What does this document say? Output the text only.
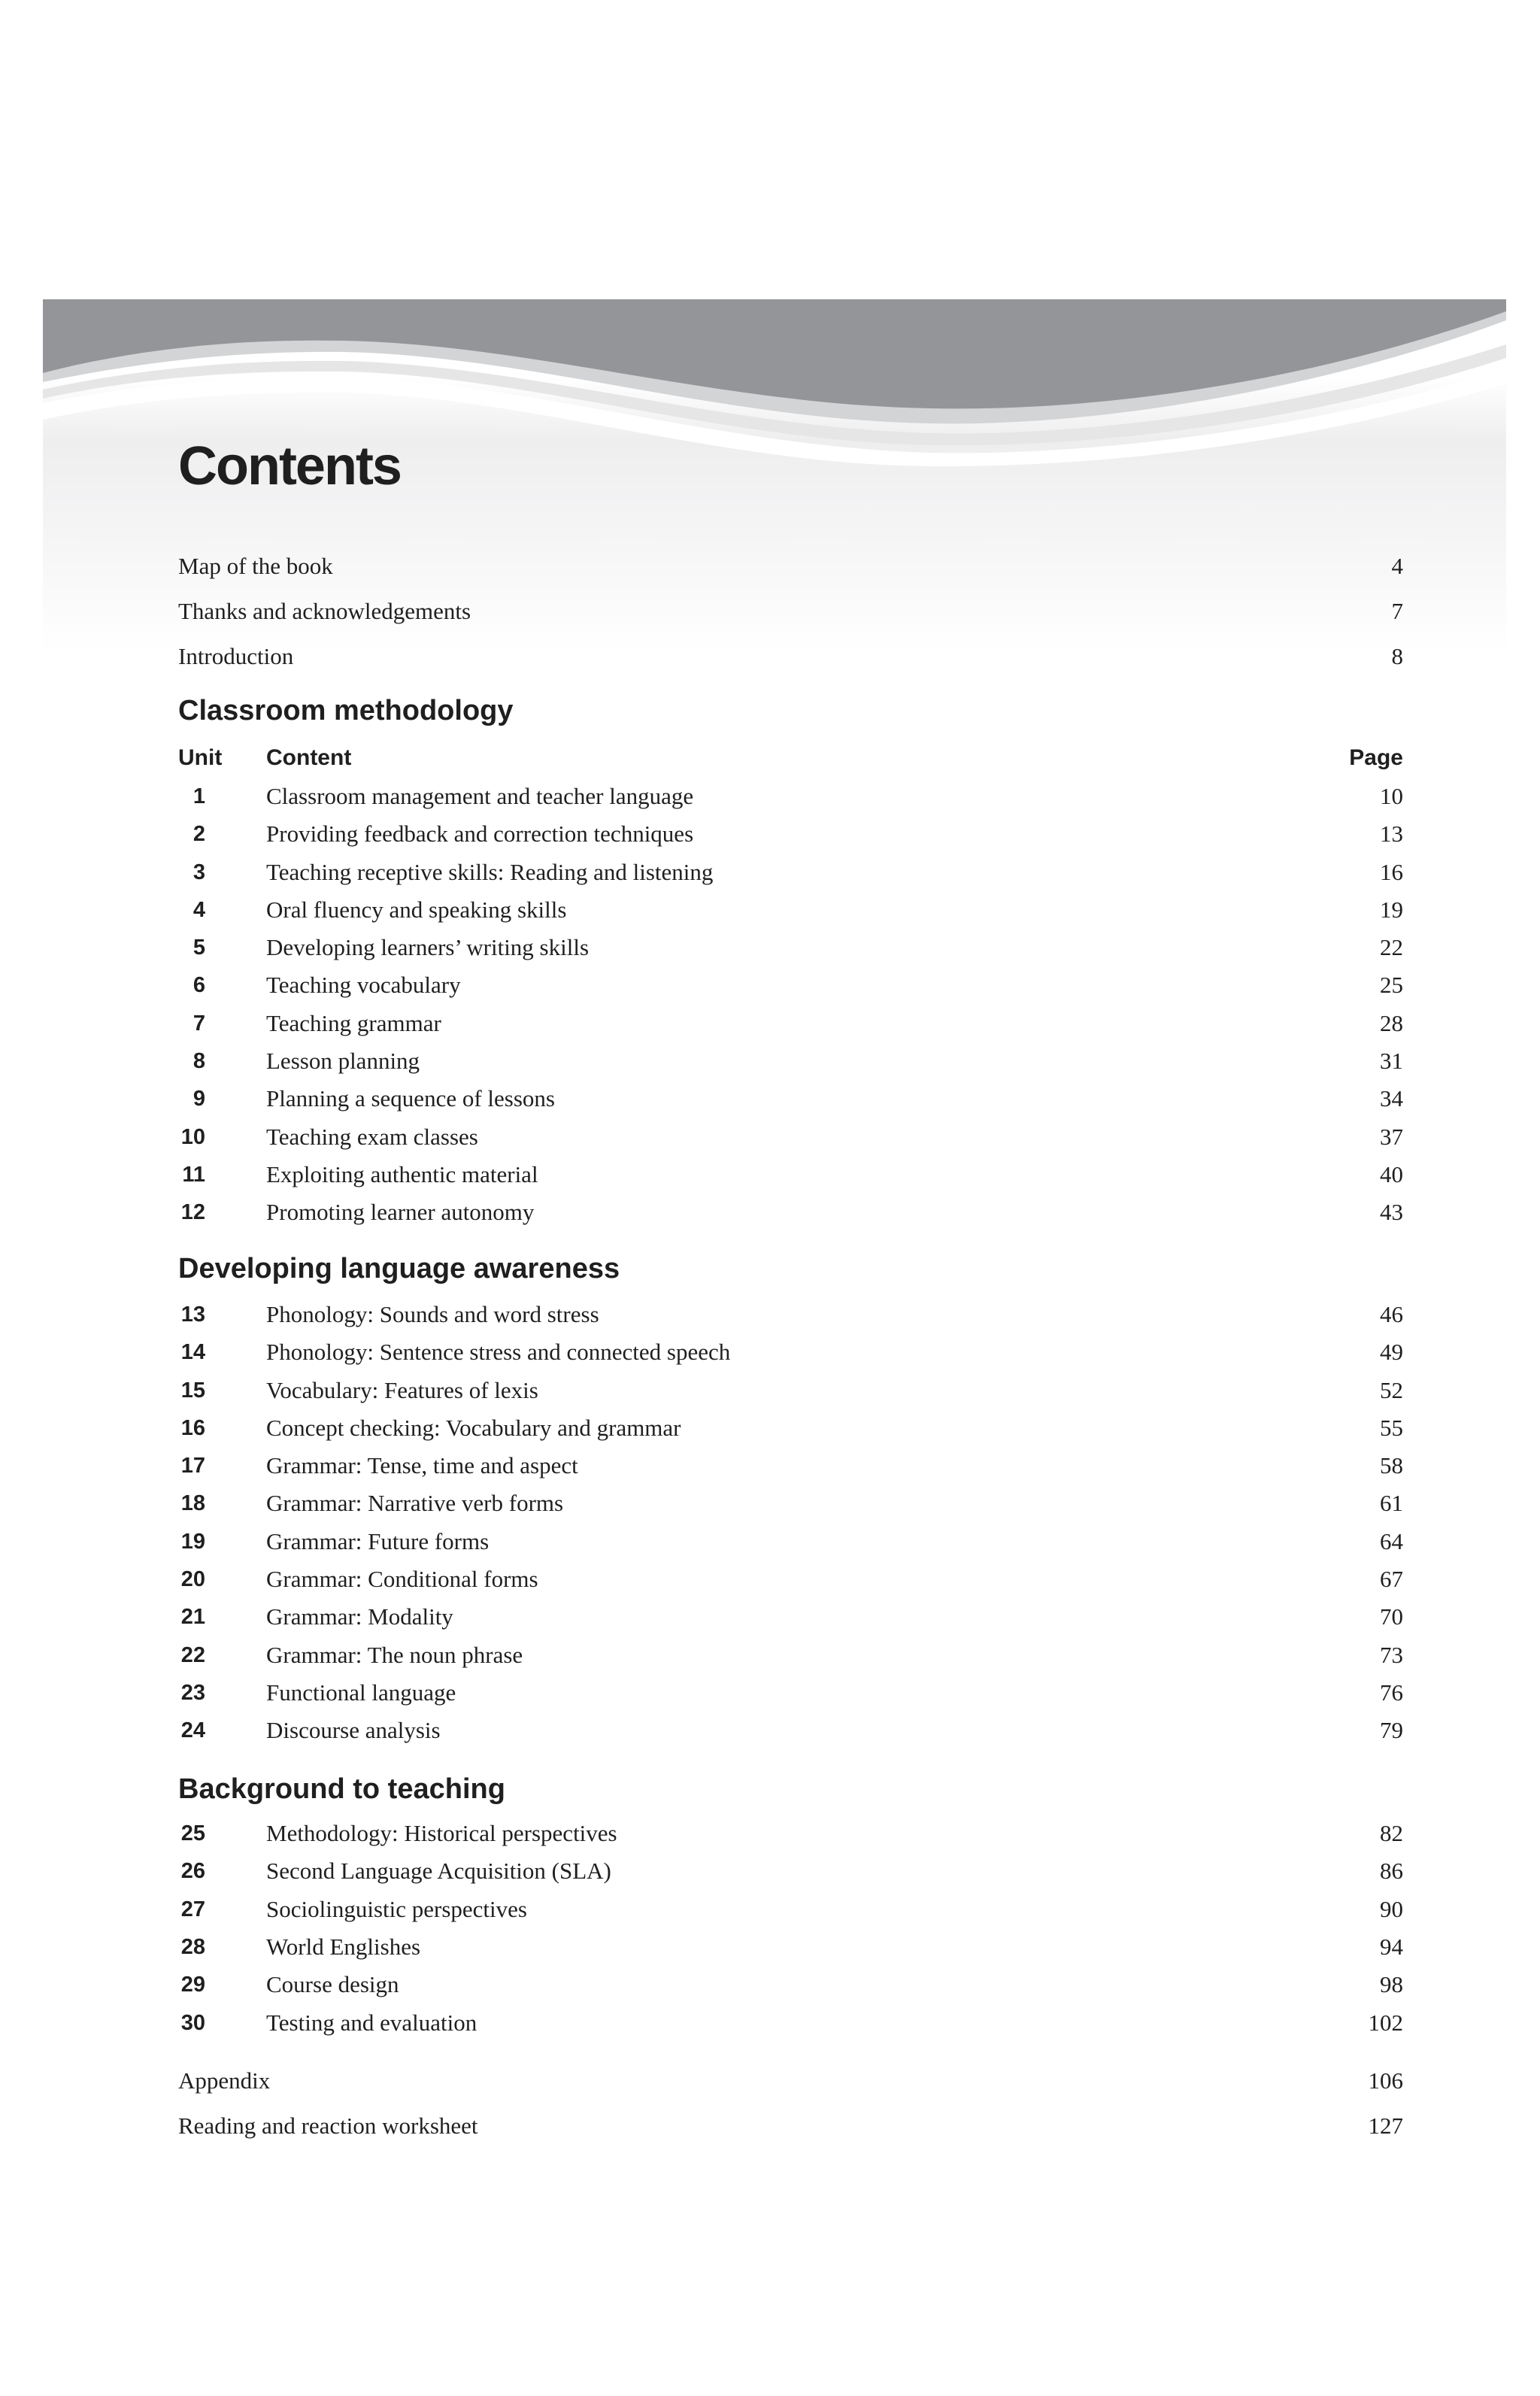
Contents
Map of the book	4
Thanks and acknowledgements	7
Introduction	8
Classroom methodology
Unit Content	Page
1	Classroom management and teacher language	10
2	Providing feedback and correction techniques	13
3	Teaching receptive skills: Reading and listening	16
4	Oral fluency and speaking skills	19
5	Developing learners’ writing skills	22
6	Teaching vocabulary	25
7	Teaching grammar	28
8	Lesson planning	31
9	Planning a sequence of lessons	34
10	Teaching exam classes	37
11	Exploiting authentic material	40
12	Promoting learner autonomy	43
Developing language awareness
13	Phonology: Sounds and word stress	46
14	Phonology: Sentence stress and connected speech	49
15	Vocabulary: Features of lexis	52
16	Concept checking: Vocabulary and grammar	55
17	Grammar: Tense, time and aspect	58
18	Grammar: Narrative verb forms	61
19	Grammar: Future forms	64
20	Grammar: Conditional forms	67
21	Grammar: Modality	70
22	Grammar: The noun phrase	73
23	Functional language	76
24	Discourse analysis	79
Background to teaching
25	Methodology: Historical perspectives	82
26	Second Language Acquisition (SLA)	86
27	Sociolinguistic perspectives	90
28	World Englishes	94
29	Course design	98
30	Testing and evaluation	102
Appendix	106
Reading and reaction worksheet	127
